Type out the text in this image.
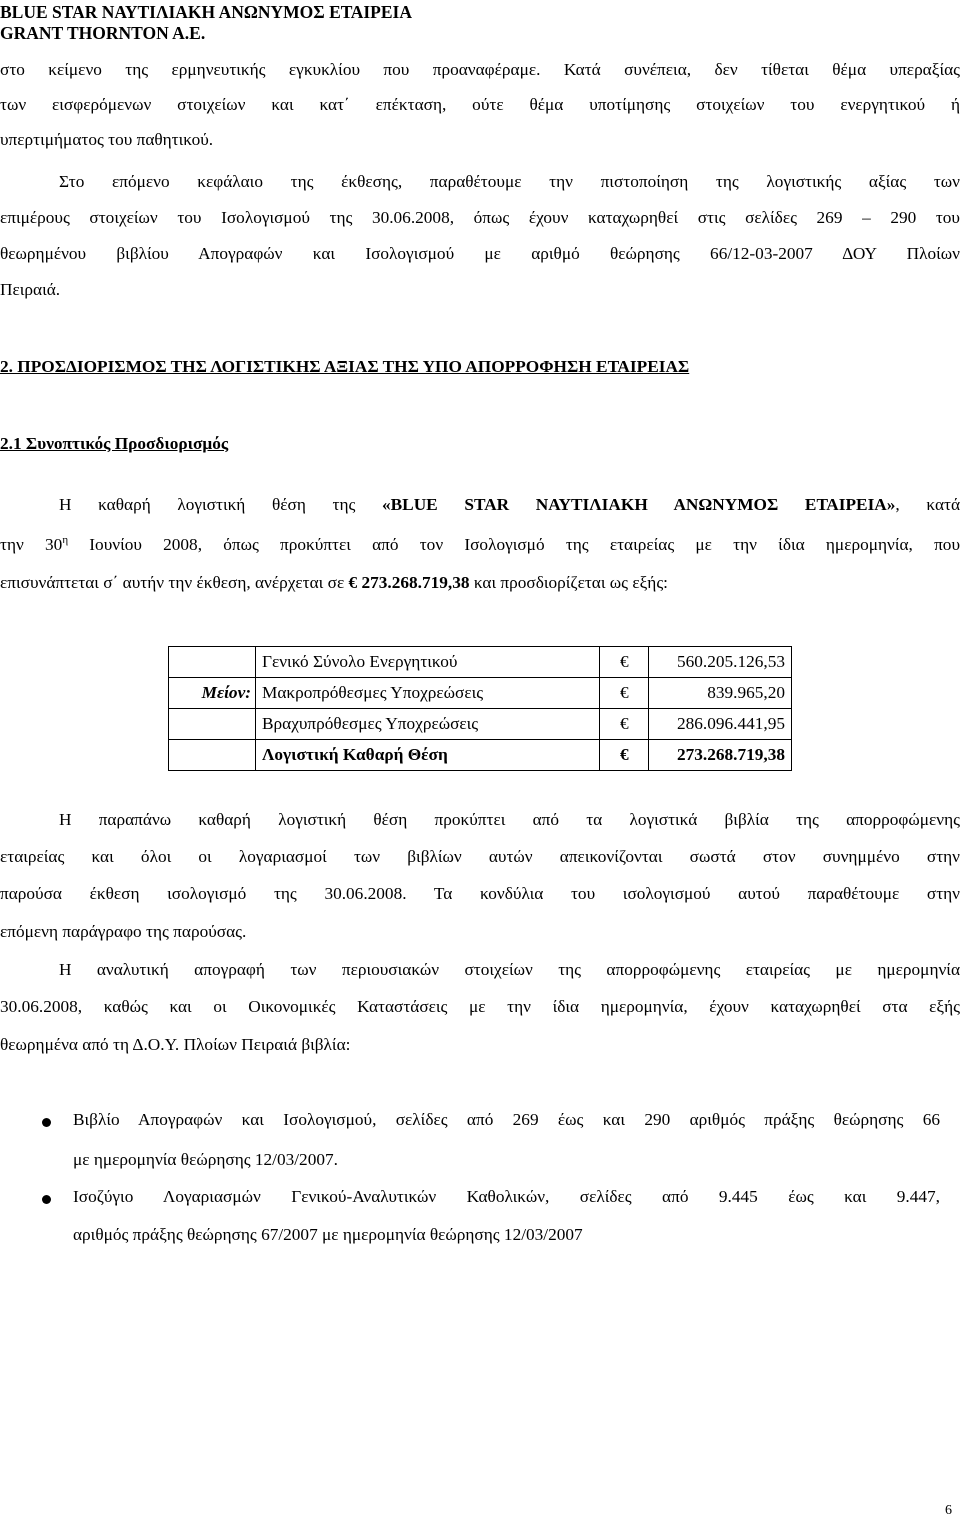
BLUE STAR ΝΑΥΤΙΛΙΑΚΗ ΑΝΩΝΥΜΟΣ ΕΤΑΙΡΕΙΑ
GRANT THORNTON A.E.
στο κείμενο της ερμηνευτικής εγκυκλίου που προαναφέραμε. Κατά συνέπεια, δεν τίθεται θέμα υπεραξίας
των εισφερόμενων στοιχείων και κατ΄ επέκταση, ούτε θέμα υποτίμησης στοιχείων του ενεργητικού ή
υπερτιμήματος του παθητικού.
Στο επόμενο κεφάλαιο της έκθεσης, παραθέτουμε την πιστοποίηση της λογιστικής αξίας των
επιμέρους στοιχείων του Ισολογισμού της 30.06.2008, όπως έχουν καταχωρηθεί στις σελίδες 269 – 290 του
θεωρημένου βιβλίου Απογραφών και Ισολογισμού με αριθμό θεώρησης 66/12-03-2007 ΔΟΥ Πλοίων
Πειραιά.
2. ΠΡΟΣΔΙΟΡΙΣΜΟΣ ΤΗΣ ΛΟΓΙΣΤΙΚΗΣ ΑΞΙΑΣ ΤΗΣ ΥΠΟ ΑΠΟΡΡΟΦΗΣΗ ΕΤΑΙΡΕΙΑΣ
2.1 Συνοπτικός Προσδιορισμός
Η καθαρή λογιστική θέση της «BLUE STAR ΝΑΥΤΙΛΙΑΚΗ ΑΝΩΝΥΜΟΣ ΕΤΑΙΡΕΙΑ», κατά
την $30^\eta$ Ιουνίου 2008, όπως προκύπτει από τον Ισολογισμό της εταιρείας με την ίδια ημερομηνία, που
επισυνάπτεται σ΄ αυτήν την έκθεση, ανέρχεται σε € 273.268.719,38 και προσδιορίζεται ως εξής:
	Γενικό Σύνολο Ενεργητικού	€	560.205.126,53
Μείον:	Μακροπρόθεσμες Υποχρεώσεις	€	839.965,20
	Βραχυπρόθεσμες Υποχρεώσεις	€	286.096.441,95
	Λογιστική Καθαρή Θέση	€	273.268.719,38
Η παραπάνω καθαρή λογιστική θέση προκύπτει από τα λογιστικά βιβλία της απορροφώμενης
εταιρείας και όλοι οι λογαριασμοί των βιβλίων αυτών απεικονίζονται σωστά στον συνημμένο στην
παρούσα έκθεση ισολογισμό της 30.06.2008. Τα κονδύλια του ισολογισμού αυτού παραθέτουμε στην
επόμενη παράγραφο της παρούσας.
Η αναλυτική απογραφή των περιουσιακών στοιχείων της απορροφώμενης εταιρείας με ημερομηνία
30.06.2008, καθώς και οι Οικονομικές Καταστάσεις με την ίδια ημερομηνία, έχουν καταχωρηθεί στα εξής
θεωρημένα από τη Δ.Ο.Υ. Πλοίων Πειραιά βιβλία:
Βιβλίο Απογραφών και Ισολογισμού, σελίδες από 269 έως και 290 αριθμός πράξης θεώρησης 66
με ημερομηνία θεώρησης 12/03/2007.
Ισοζύγιο Λογαριασμών Γενικού-Αναλυτικών Καθολικών, σελίδες από 9.445 έως και 9.447,
αριθμός πράξης θεώρησης 67/2007 με ημερομηνία θεώρησης 12/03/2007
6
